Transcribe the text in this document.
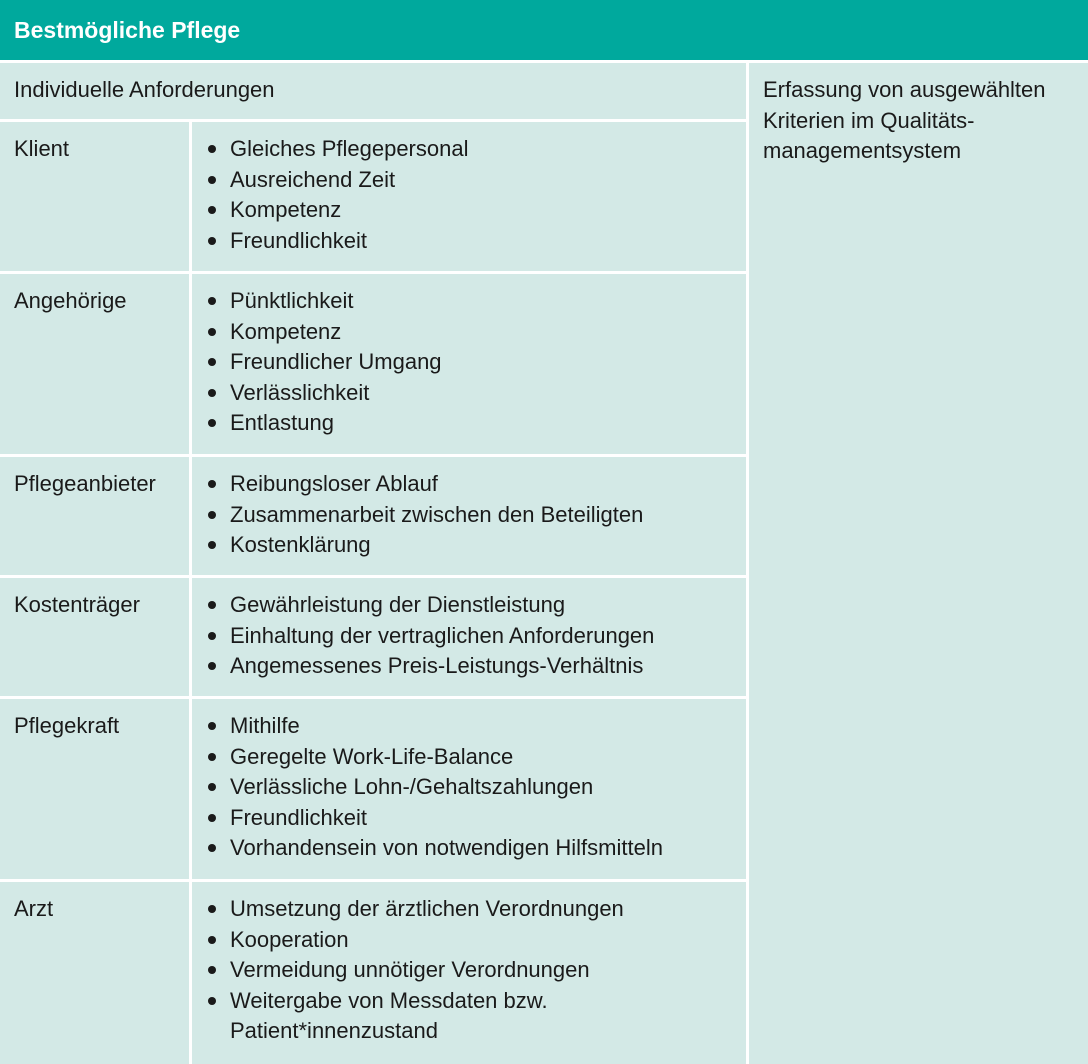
Bestmögliche Pflege
Individuelle Anforderungen	Erfassung von ausgewählten
Kriterien im Qualitäts-
managementsystem
Klient	Gleiches Pflegepersonal
Ausreichend Zeit
Kompetenz
Freundlichkeit
Angehörige	Pünktlichkeit
Kompetenz
Freundlicher Umgang
Verlässlichkeit
Entlastung
Pflegeanbieter	Reibungsloser Ablauf
Zusammenarbeit zwischen den Beteiligten
Kostenklärung
Kostenträger	Gewährleistung der Dienstleistung
Einhaltung der vertraglichen Anforderungen
Angemessenes Preis-Leistungs-Verhältnis
Pflegekraft	Mithilfe
Geregelte Work-Life-Balance
Verlässliche Lohn-/Gehaltszahlungen
Freundlichkeit
Vorhandensein von notwendigen Hilfsmitteln
Arzt	Umsetzung der ärztlichen Verordnungen
Kooperation
Vermeidung unnötiger Verordnungen
Weitergabe von Messdaten bzw. Patient*innenzustand
